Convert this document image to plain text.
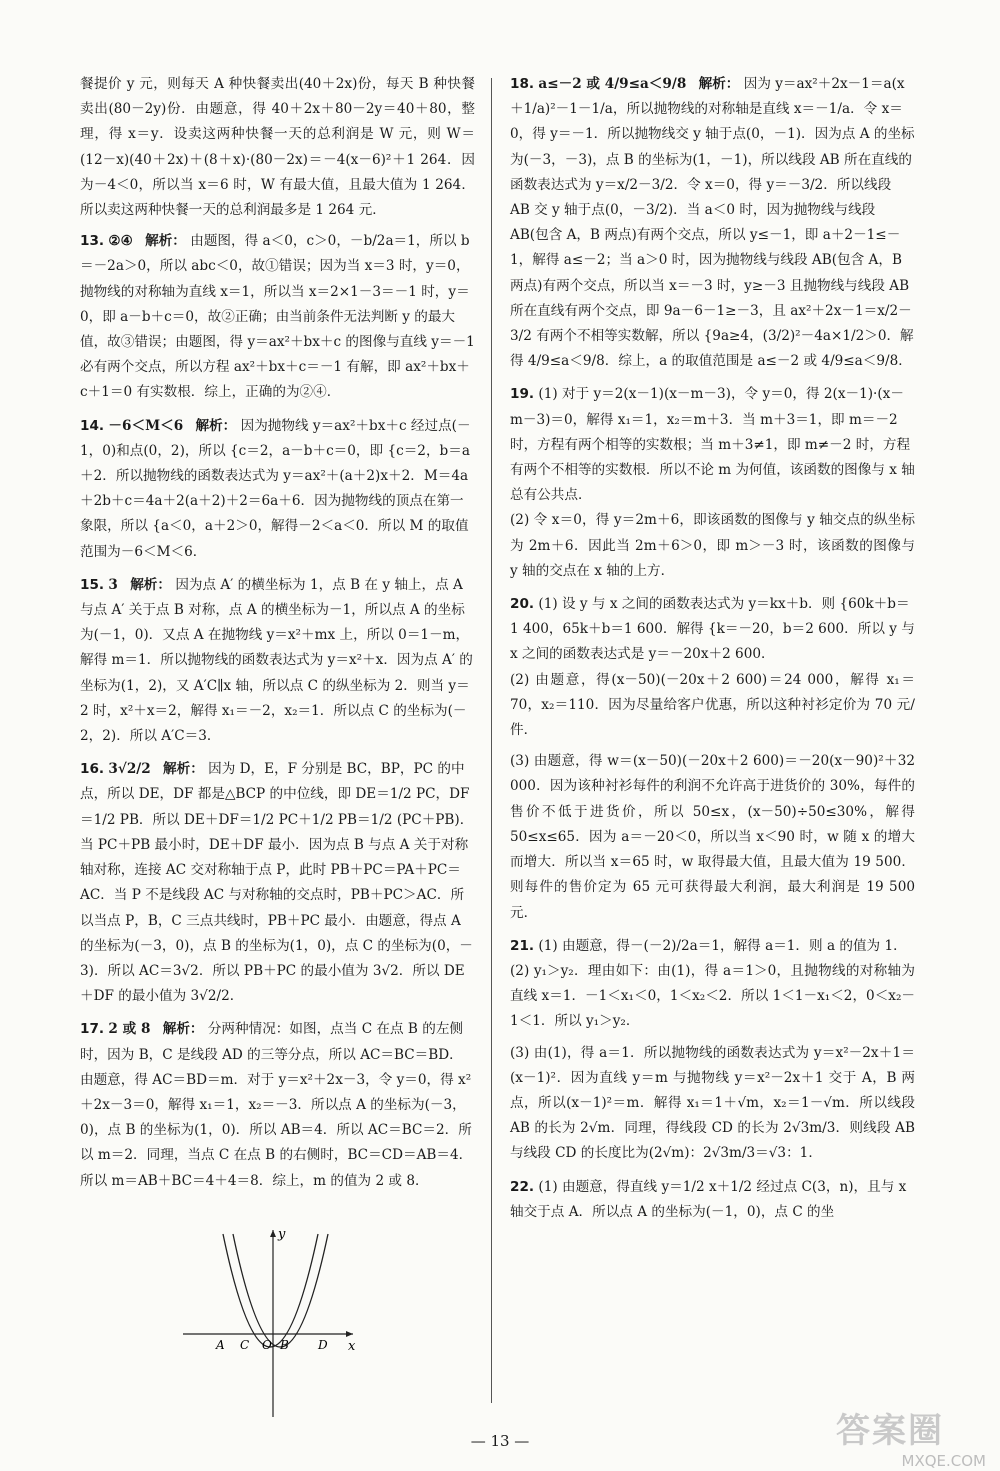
餐提价 y 元，则每天 A 种快餐卖出(40＋2x)份，每天 B 种快餐卖出(80－2y)份．由题意，得 40＋2x＋80－2y＝40＋80，整理，得 x＝y．设卖这两种快餐一天的总利润是 W 元，则 W＝(12－x)(40＋2x)＋(8＋x)·(80－2x)＝－4(x－6)²＋1 264．因为－4＜0，所以当 x＝6 时，W 有最大值，且最大值为 1 264．所以卖这两种快餐一天的总利润最多是 1 264 元．

13. ②④ 解析： 由题图，得 a＜0，c＞0，－b/2a＝1，所以 b＝－2a＞0，所以 abc＜0，故①错误；因为当 x＝3 时，y＝0，抛物线的对称轴为直线 x＝1，所以当 x＝2×1－3＝－1 时，y＝0，即 a－b＋c＝0，故②正确；由当前条件无法判断 y 的最大值，故③错误；由题图，得 y＝ax²＋bx＋c 的图像与直线 y＝－1 必有两个交点，所以方程 ax²＋bx＋c＝－1 有解，即 ax²＋bx＋c＋1＝0 有实数根．综上，正确的为②④．
14. －6＜M＜6 解析： 因为抛物线 y＝ax²＋bx＋c 经过点(－1，0)和点(0，2)，所以 {c＝2，a－b＋c＝0，即 {c＝2，b＝a＋2．所以抛物线的函数表达式为 y＝ax²＋(a＋2)x＋2．M＝4a＋2b＋c＝4a＋2(a＋2)＋2＝6a＋6．因为抛物线的顶点在第一象限，所以 {a＜0，a＋2＞0，解得－2＜a＜0．所以 M 的取值范围为－6＜M＜6．
15. 3 解析： 因为点 A′ 的横坐标为 1，点 B 在 y 轴上，点 A 与点 A′ 关于点 B 对称，点 A 的横坐标为－1，所以点 A 的坐标为(－1，0)．又点 A 在抛物线 y＝x²＋mx 上，所以 0＝1－m，解得 m＝1．所以抛物线的函数表达式为 y＝x²＋x．因为点 A′ 的坐标为(1，2)，又 A′C∥x 轴，所以点 C 的纵坐标为 2．则当 y＝2 时，x²＋x＝2，解得 x₁＝－2，x₂＝1．所以点 C 的坐标为(－2，2)．所以 A′C＝3．
16. 3√2/2 解析： 因为 D，E，F 分别是 BC，BP，PC 的中点，所以 DE，DF 都是△BCP 的中位线，即 DE＝1/2 PC，DF＝1/2 PB．所以 DE＋DF＝1/2 PC＋1/2 PB＝1/2 (PC＋PB)．当 PC＋PB 最小时，DE＋DF 最小．因为点 B 与点 A 关于对称轴对称，连接 AC 交对称轴于点 P，此时 PB＋PC＝PA＋PC＝AC．当 P 不是线段 AC 与对称轴的交点时，PB＋PC＞AC．所以当点 P，B，C 三点共线时，PB＋PC 最小．由题意，得点 A 的坐标为(－3，0)，点 B 的坐标为(1，0)，点 C 的坐标为(0，－3)．所以 AC＝3√2．所以 PB＋PC 的最小值为 3√2．所以 DE＋DF 的最小值为 3√2/2．
17. 2 或 8 解析： 分两种情况：如图，点当 C 在点 B 的左侧时，因为 B，C 是线段 AD 的三等分点，所以 AC＝BC＝BD．由题意，得 AC＝BD＝m．对于 y＝x²＋2x－3，令 y＝0，得 x²＋2x－3＝0，解得 x₁＝1，x₂＝－3．所以点 A 的坐标为(－3，0)，点 B 的坐标为(1，0)．所以 AB＝4．所以 AC＝BC＝2．所以 m＝2．同理，当点 C 在点 B 的右侧时，BC＝CD＝AB＝4．所以 m＝AB＋BC＝4＋4＝8．综上，m 的值为 2 或 8．
y
x
O
A C	B D
18. a≤－2 或 4/9≤a＜9/8 解析： 因为 y＝ax²＋2x－1＝a(x＋1/a)²－1－1/a，所以抛物线的对称轴是直线 x＝－1/a．令 x＝0，得 y＝－1．所以抛物线交 y 轴于点(0，－1)．因为点 A 的坐标为(－3，－3)，点 B 的坐标为(1，－1)，所以线段 AB 所在直线的函数表达式为 y＝x/2－3/2．令 x＝0，得 y＝－3/2．所以线段 AB 交 y 轴于点(0，－3/2)．当 a＜0 时，因为抛物线与线段 AB(包含 A，B 两点)有两个交点，所以 y≤－1，即 a＋2－1≤－1，解得 a≤－2；当 a＞0 时，因为抛物线与线段 AB(包含 A，B 两点)有两个交点，所以当 x＝－3 时，y≥－3 且抛物线与线段 AB 所在直线有两个交点，即 9a－6－1≥－3，且 ax²＋2x－1＝x/2－3/2 有两个不相等实数解，所以 {9a≥4，(3/2)²－4a×1/2＞0．解得 4/9≤a＜9/8．综上，a 的取值范围是 a≤－2 或 4/9≤a＜9/8．
19. (1) 对于 y＝2(x－1)(x－m－3)，令 y＝0，得 2(x－1)·(x－m－3)＝0，解得 x₁＝1，x₂＝m＋3．当 m＋3＝1，即 m＝－2 时，方程有两个相等的实数根；当 m＋3≠1，即 m≠－2 时，方程有两个不相等的实数根．所以不论 m 为何值，该函数的图像与 x 轴总有公共点．

(2) 令 x＝0，得 y＝2m＋6，即该函数的图像与 y 轴交点的纵坐标为 2m＋6．因此当 2m＋6＞0，即 m＞－3 时，该函数的图像与 y 轴的交点在 x 轴的上方．

20. (1) 设 y 与 x 之间的函数表达式为 y＝kx＋b．则 {60k＋b＝1 400，65k＋b＝1 600．解得 {k＝－20，b＝2 600．所以 y 与 x 之间的函数表达式是 y＝－20x＋2 600．

(2) 由题意，得(x－50)(－20x＋2 600)＝24 000，解得 x₁＝70，x₂＝110．因为尽量给客户优惠，所以这种衬衫定价为 70 元/件．

(3) 由题意，得 w＝(x－50)(－20x＋2 600)＝－20(x－90)²＋32 000．因为该种衬衫每件的利润不允许高于进货价的 30%，每件的售价不低于进货价，所以 50≤x，(x－50)÷50≤30%，解得 50≤x≤65．因为 a＝－20＜0，所以当 x＜90 时，w 随 x 的增大而增大．所以当 x＝65 时，w 取得最大值，且最大值为 19 500．则每件的售价定为 65 元可获得最大利润，最大利润是 19 500 元．

21. (1) 由题意，得－(－2)/2a＝1，解得 a＝1．则 a 的值为 1．

(2) y₁＞y₂．理由如下：由(1)，得 a＝1＞0，且抛物线的对称轴为直线 x＝1．－1＜x₁＜0，1＜x₂＜2．所以 1＜1－x₁＜2，0＜x₂－1＜1．所以 y₁＞y₂．

(3) 由(1)，得 a＝1．所以抛物线的函数表达式为 y＝x²－2x＋1＝(x－1)²．因为直线 y＝m 与抛物线 y＝x²－2x＋1 交于 A，B 两点，所以(x－1)²＝m．解得 x₁＝1＋√m，x₂＝1－√m．所以线段 AB 的长为 2√m．同理，得线段 CD 的长为 2√3m/3．则线段 AB 与线段 CD 的长度比为(2√m)：2√3m/3＝√3：1．

22. (1) 由题意，得直线 y＝1/2 x＋1/2 经过点 C(3，n)，且与 x 轴交于点 A．所以点 A 的坐标为(－1，0)，点 C 的坐
— 13 —	答案圈
MXQE.COM
